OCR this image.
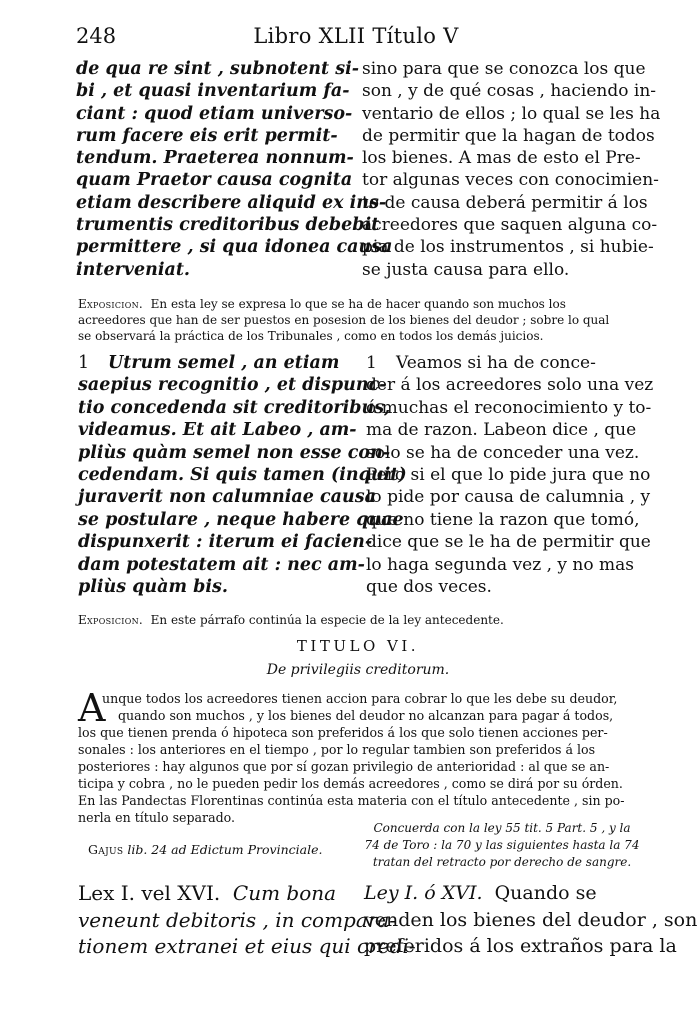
248	Libro XLII Título V
de qua re sint , subnotent si-
bi , et quasi inventarium fa-
ciant : quod etiam universo-
rum facere eis erit permit-
tendum. Praeterea nonnum-
quam Praetor causa cognita
etiam describere aliquid ex ins-
trumentis creditoribus debebit
permittere , si qua idonea causa
interveniat.
sino para que se conozca los que
son , y de qué cosas , haciendo in-
ventario de ellos ; lo qual se les ha
de permitir que la hagan de todos
los bienes. A mas de esto el Pre-
tor algunas veces con conocimien-
to de causa deberá permitir á los
acreedores que saquen alguna co-
pia de los instrumentos , si hubie-
se justa causa para ello.
Exposicion. En esta ley se expresa lo que se ha de hacer quando son muchos los
acreedores que han de ser puestos en posesion de los bienes del deudor ; sobre lo qual
se observará la práctica de los Tribunales , como en todos los demás juicios.
1 Utrum semel , an etiam
saepius recognitio , et dispunc-
tio concedenda sit creditoribus,
videamus. Et ait Labeo , am-
pliùs quàm semel non esse con-
cedendam. Si quis tamen (inquit)
juraverit non calumniae causa
se postulare , neque habere quae
dispunxerit : iterum ei facien-
dam potestatem ait : nec am-
pliùs quàm bis.
1 Veamos si ha de conce-
der á los acreedores solo una vez
ó muchas el reconocimiento y to-
ma de razon. Labeon dice , que
solo se ha de conceder una vez.
Pero si el que lo pide jura que no
lo pide por causa de calumnia , y
que no tiene la razon que tomó,
dice que se le ha de permitir que
lo haga segunda vez , y no mas
que dos veces.
Exposicion. En este párrafo continúa la especie de la ley antecedente.
TITULO VI.
De privilegiis creditorum.
A
unque todos los acreedores tienen accion para cobrar lo que les debe su deudor,
quando son muchos , y los bienes del deudor no alcanzan para pagar á todos,
los que tienen prenda ó hipoteca son preferidos á los que solo tienen acciones per-
sonales : los anteriores en el tiempo , por lo regular tambien son preferidos á los
posteriores : hay algunos que por sí gozan privilegio de anterioridad : al que se an-
ticipa y cobra , no le pueden pedir los demás acreedores , como se dirá por su órden.
En las Pandectas Florentinas continúa esta materia con el título antecedente , sin po-
nerla en título separado.
Gajus lib. 24 ad Edictum Provinciale.
Concuerda con la ley 55 tit. 5 Part. 5 , y la
74 de Toro : la 70 y las siguientes hasta la 74
tratan del retracto por derecho de sangre.
Lex I. vel XVI. Cum bona
veneunt debitoris , in compara-
tionem extranei et eius qui credi-
Ley I. ó XVI. Quando se
venden los bienes del deudor , son
preferidos á los extraños para la
